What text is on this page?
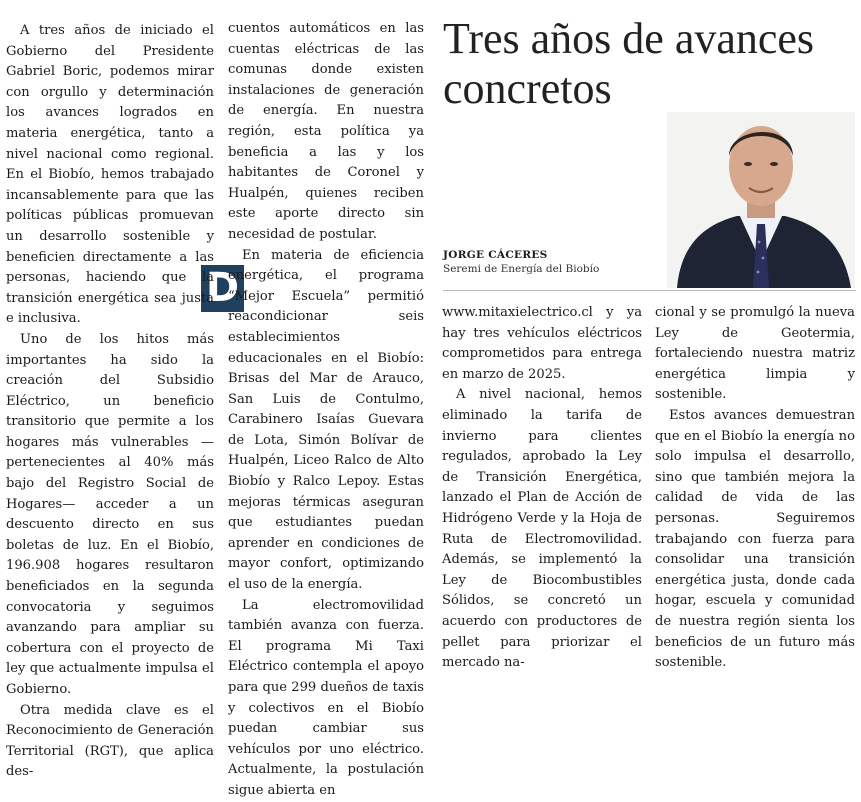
Tres años de avances concretos
JORGE CÁCERES
Seremi de Energía del Biobío
D

A tres años de iniciado el Gobierno del Presidente Gabriel Boric, podemos mirar con orgullo y determinación los avances logrados en materia energética, tanto a nivel nacional como regional. En el Biobío, hemos trabajado incansablemente para que las políticas públicas promuevan un desarrollo sostenible y beneficien directamente a las personas, haciendo que la transición energética sea justa e inclusiva.

Uno de los hitos más importantes ha sido la creación del Subsidio Eléctrico, un beneficio transitorio que permite a los hogares más vulnerables —pertenecientes al 40% más bajo del Registro Social de Hogares— acceder a un descuento directo en sus boletas de luz. En el Biobío, 196.908 hogares resultaron beneficiados en la segunda convocatoria y seguimos avanzando para ampliar su cobertura con el proyecto de ley que actualmente impulsa el Gobierno.

Otra medida clave es el Reconocimiento de Generación Territorial (RGT), que aplica des-

cuentos automáticos en las cuentas eléctricas de las comunas donde existen instalaciones de generación de energía. En nuestra región, esta política ya beneficia a las y los habitantes de Coronel y Hualpén, quienes reciben este aporte directo sin necesidad de postular.

En materia de eficiencia energética, el programa “Mejor Escuela” permitió reacondicionar seis establecimientos educacionales en el Biobío: Brisas del Mar de Arauco, San Luis de Contulmo, Carabinero Isaías Guevara de Lota, Simón Bolívar de Hualpén, Liceo Ralco de Alto Biobío y Ralco Lepoy. Estas mejoras térmicas aseguran que estudiantes puedan aprender en condiciones de mayor confort, optimizando el uso de la energía.

La electromovilidad también avanza con fuerza. El programa Mi Taxi Eléctrico contempla el apoyo para que 299 dueños de taxis y colectivos en el Biobío puedan cambiar sus vehículos por uno eléctrico. Actualmente, la postulación sigue abierta en

www.mitaxielectrico.cl y ya hay tres vehículos eléctricos comprometidos para entrega en marzo de 2025.

A nivel nacional, hemos eliminado la tarifa de invierno para clientes regulados, aprobado la Ley de Transición Energética, lanzado el Plan de Acción de Hidrógeno Verde y la Hoja de Ruta de Electromovilidad. Además, se implementó la Ley de Biocombustibles Sólidos, se concretó un acuerdo con productores de pellet para priorizar el mercado na-

cional y se promulgó la nueva Ley de Geotermia, fortaleciendo nuestra matriz energética limpia y sostenible.

Estos avances demuestran que en el Biobío la energía no solo impulsa el desarrollo, sino que también mejora la calidad de vida de las personas. Seguiremos trabajando con fuerza para consolidar una transición energética justa, donde cada hogar, escuela y comunidad de nuestra región sienta los beneficios de un futuro más sostenible.
